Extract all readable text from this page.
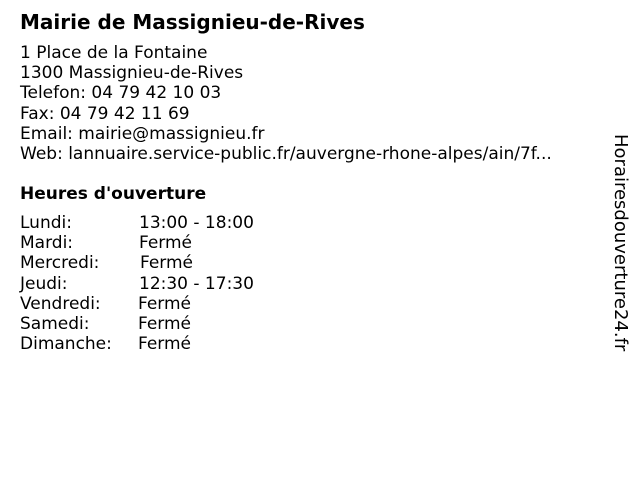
Mairie de Massignieu-de-Rives
1 Place de la Fontaine
1300 Massignieu-de-Rives
Telefon: 04 79 42 10 03
Fax: 04 79 42 11 69
Email: mairie@massignieu.fr
Web: lannuaire.service-public.fr/auvergne-rhone-alpes/ain/7f...
Heures d'ouverture
Lundi:	13:00 - 18:00
Mardi:	Fermé
Mercredi: Fermé
Jeudi:	12:30 - 17:30
Vendredi: Fermé
Samedi:	Fermé
Dimanche: Fermé	Horairesdouverture24.fr
